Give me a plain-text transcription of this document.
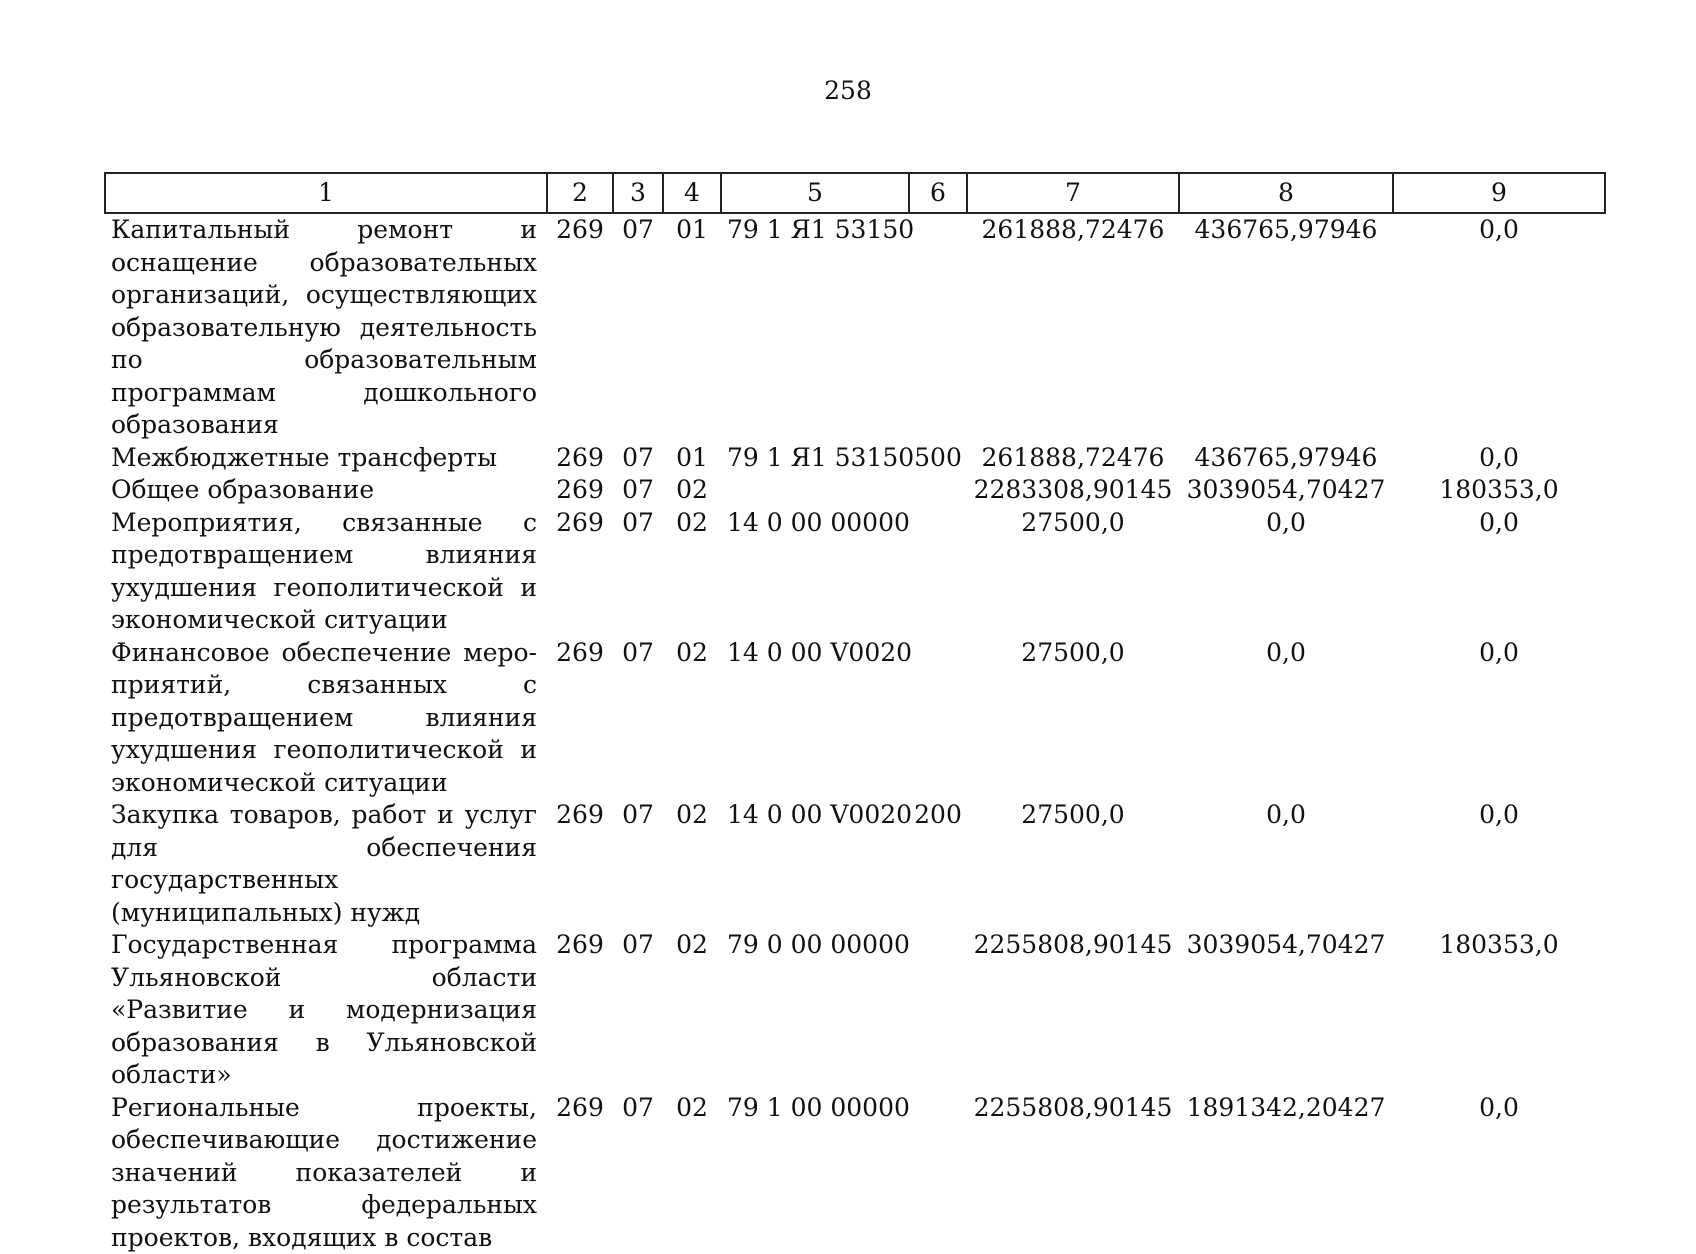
258
1	2	3	4	5	6	7	8	9
Капитальный ремонт и оснащение образовательных организаций, осуществляющих образовательную деятельность по образовательным программам дошкольного образования	269	07	01	79 1 Я1 53150		261888,72476	436765,97946	0,0
Межбюджетные трансферты	269	07	01	79 1 Я1 53150	500	261888,72476	436765,97946	0,0
Общее образование	269	07	02			2283308,90145	3039054,70427	180353,0
Мероприятия, связанные с предотвращением влияния ухудшения геополитической и экономической ситуации	269	07	02	14 0 00 00000		27500,0	0,0	0,0
Финансовое обеспечение мероприятий, связанных с предотвращением влияния ухудшения геополитической и экономической ситуации	269	07	02	14 0 00 V0020		27500,0	0,0	0,0
Закупка товаров, работ и услуг для обеспечения государственных (муниципальных) нужд	269	07	02	14 0 00 V0020	200	27500,0	0,0	0,0
Государственная программа Ульяновской области «Развитие и модернизация образования в Ульяновской области»	269	07	02	79 0 00 00000		2255808,90145	3039054,70427	180353,0
Региональные проекты, обеспечивающие достижение значений показателей и результатов федеральных проектов, входящих в состав	269	07	02	79 1 00 00000		2255808,90145	1891342,20427	0,0
